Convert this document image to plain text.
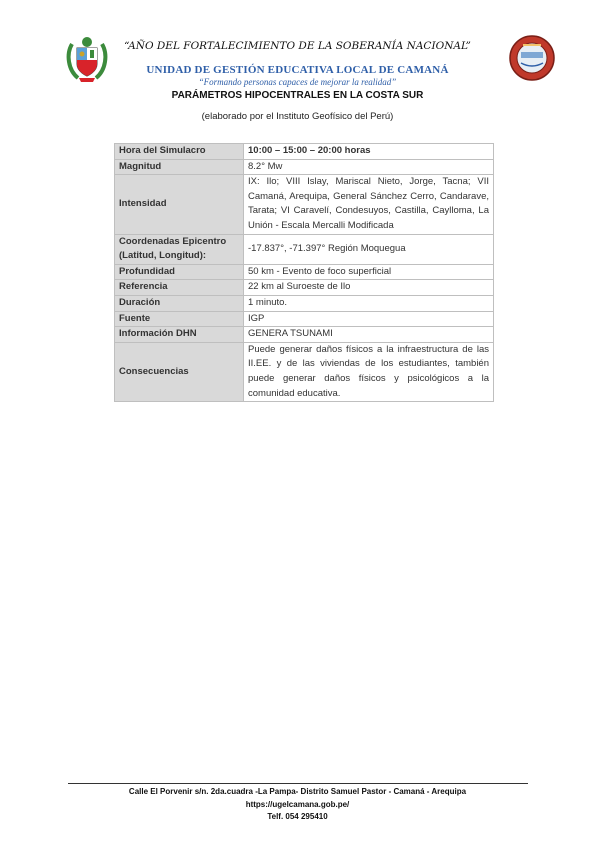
“AÑO DEL FORTALECIMIENTO DE LA SOBERANÍA NACIONAL”
UNIDAD DE GESTIÓN EDUCATIVA LOCAL DE CAMANÁ
“Formando personas capaces de mejorar la realidad”
PARÁMETROS HIPOCENTRALES EN LA COSTA SUR
(elaborado por el Instituto Geofísico del Perú)
Hora del Simulacro	10:00 – 15:00 – 20:00 horas
Magnitud	8.2° Mw
Intensidad	IX: Ilo; VIII Islay, Mariscal Nieto, Jorge, Tacna; VII Camaná, Arequipa, General Sánchez Cerro, Candarave, Tarata; VI Caravelí, Condesuyos, Castilla, Caylloma, La Unión - Escala Mercalli Modificada
Coordenadas Epicentro (Latitud, Longitud):	-17.837°, -71.397° Región Moquegua
Profundidad	50 km - Evento de foco superficial
Referencia	22 km al Suroeste de Ilo
Duración	1 minuto.
Fuente	IGP
Información DHN	GENERA TSUNAMI
Consecuencias	Puede generar daños físicos a la infraestructura de las II.EE. y de las viviendas de los estudiantes, también puede generar daños físicos y psicológicos a la comunidad educativa.
Calle El Porvenir s/n. 2da.cuadra -La Pampa- Distrito Samuel Pastor - Camaná - Arequipa
https://ugelcamana.gob.pe/
Telf. 054 295410
